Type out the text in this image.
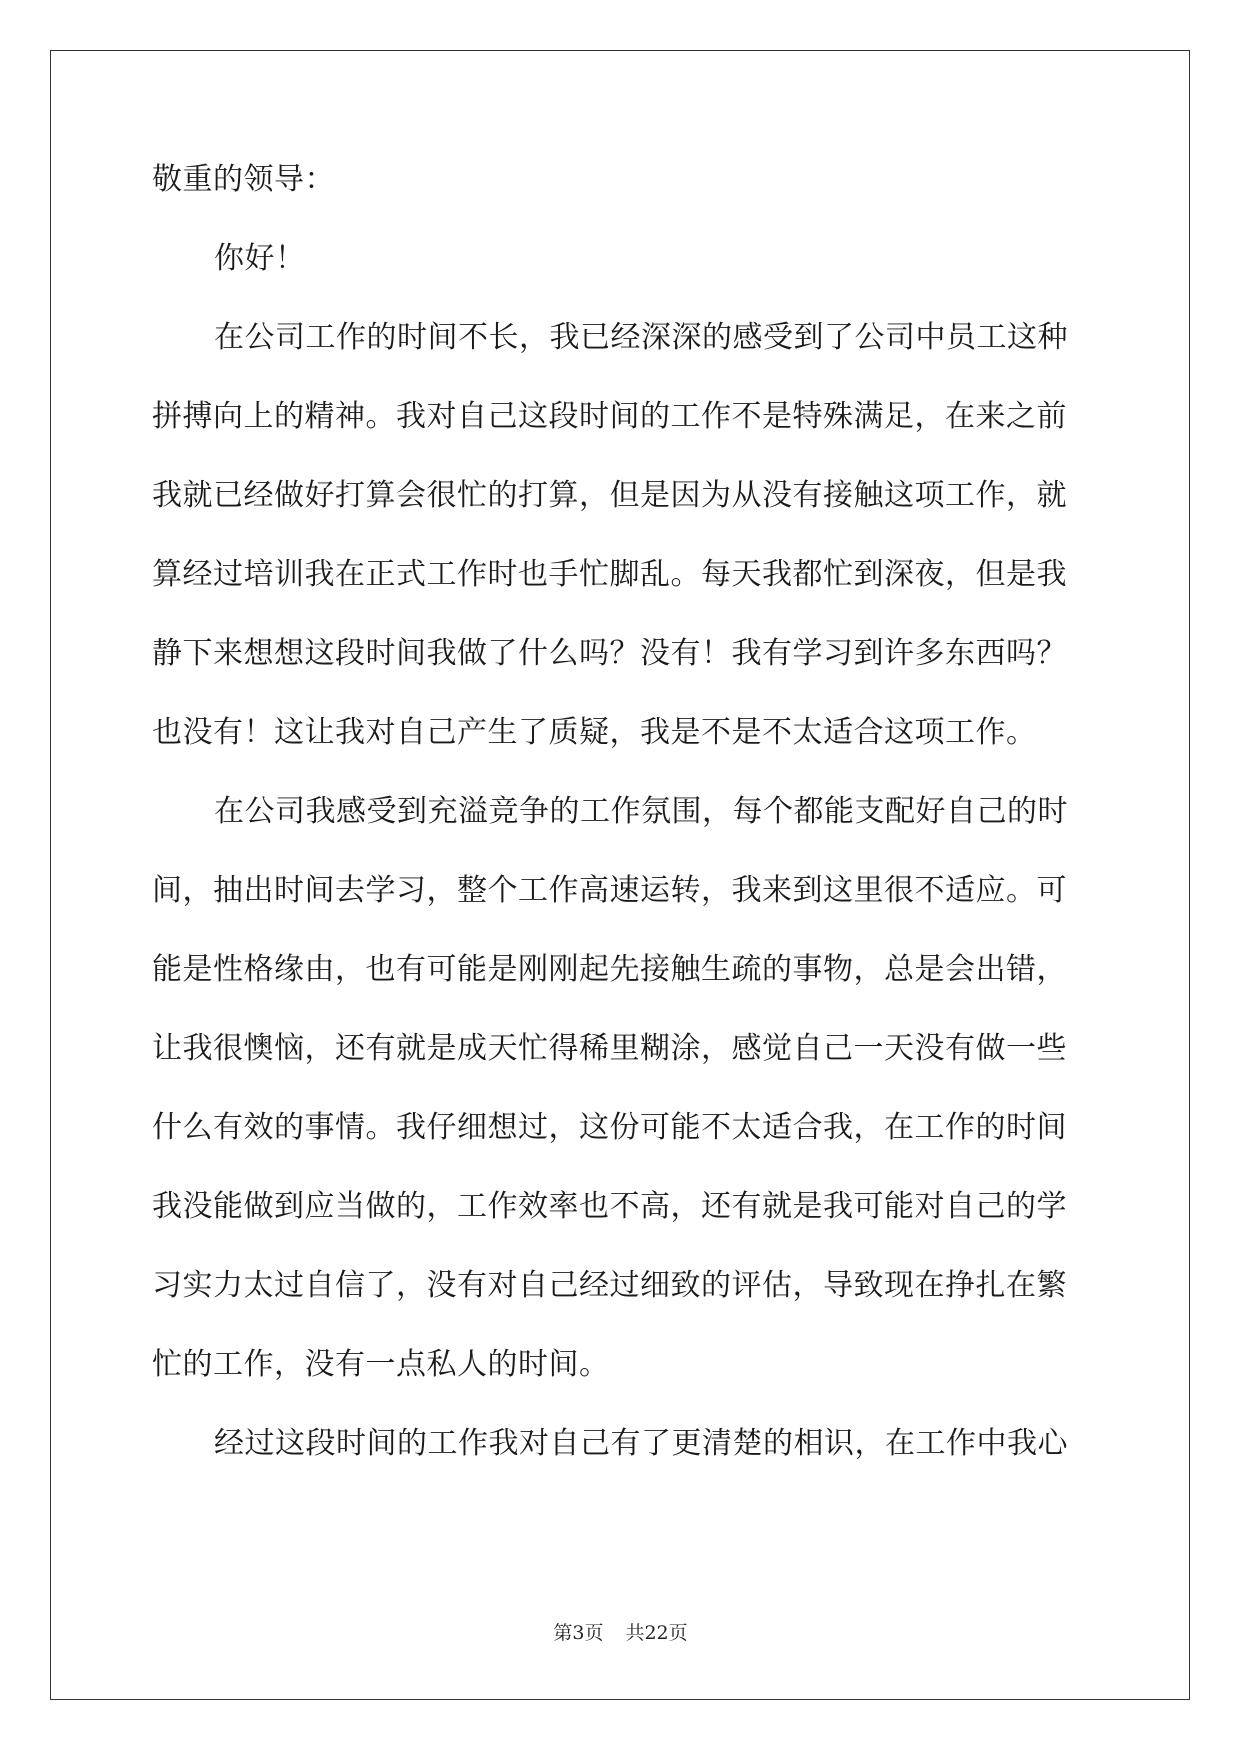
敬重的领导：
你好！
在公司工作的时间不长，我已经深深的感受到了公司中员工这种
拼搏向上的精神。我对自己这段时间的工作不是特殊满足，在来之前
我就已经做好打算会很忙的打算，但是因为从没有接触这项工作，就
算经过培训我在正式工作时也手忙脚乱。每天我都忙到深夜，但是我
静下来想想这段时间我做了什么吗？没有！我有学习到许多东西吗？
也没有！这让我对自己产生了质疑，我是不是不太适合这项工作。
在公司我感受到充溢竞争的工作氛围，每个都能支配好自己的时
间，抽出时间去学习，整个工作高速运转，我来到这里很不适应。可
能是性格缘由，也有可能是刚刚起先接触生疏的事物，总是会出错，
让我很懊恼，还有就是成天忙得稀里糊涂，感觉自己一天没有做一些
什么有效的事情。我仔细想过，这份可能不太适合我，在工作的时间
我没能做到应当做的，工作效率也不高，还有就是我可能对自己的学
习实力太过自信了，没有对自己经过细致的评估，导致现在挣扎在繁
忙的工作，没有一点私人的时间。
经过这段时间的工作我对自己有了更清楚的相识，在工作中我心
第3页 共22页
